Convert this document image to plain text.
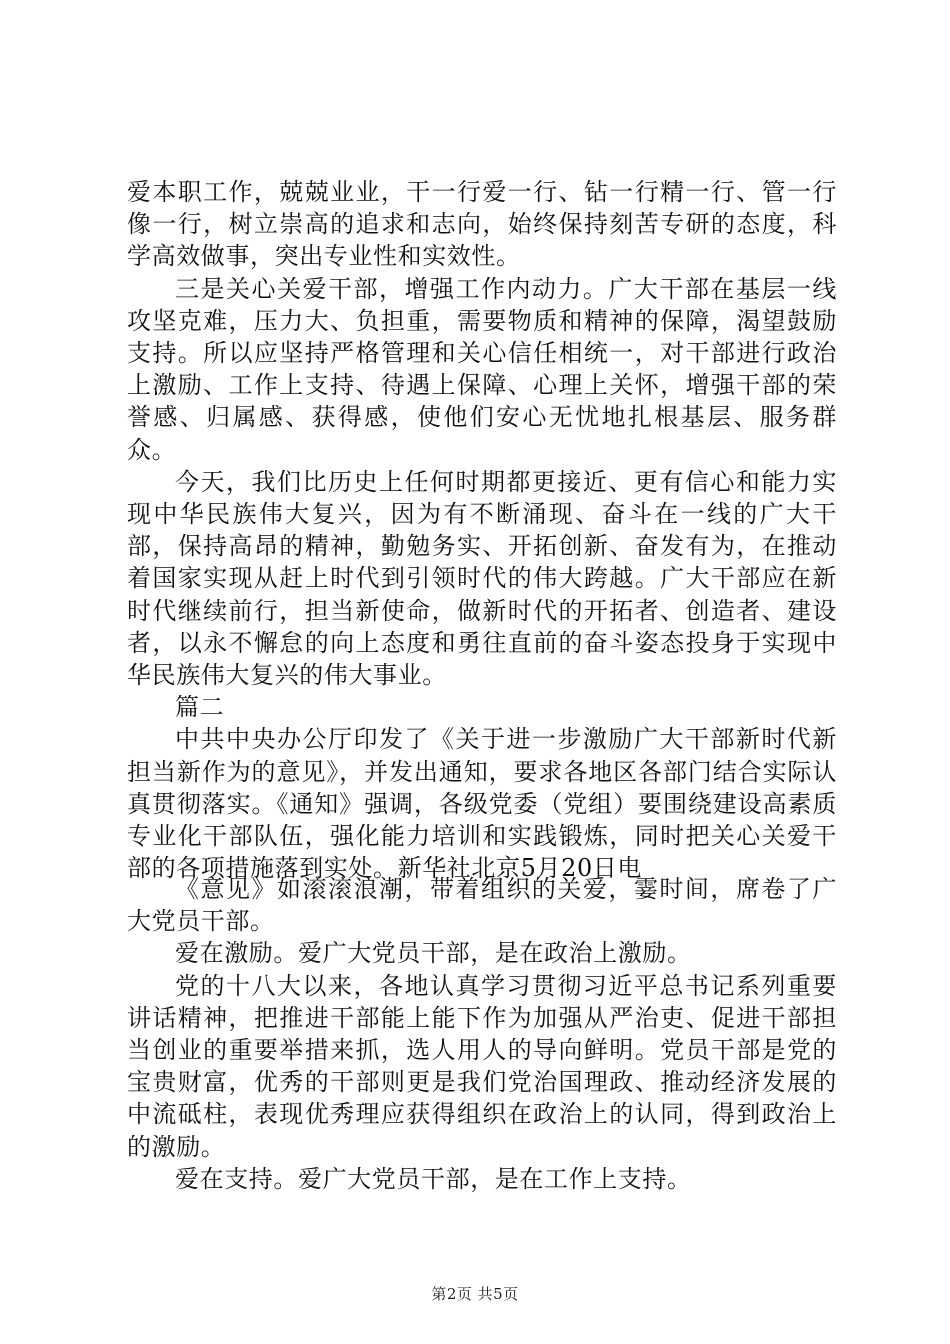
爱本职工作，兢兢业业，干一行爱一行、钻一行精一行、管一行像一行，树立崇高的追求和志向，始终保持刻苦专研的态度，科学高效做事，突出专业性和实效性。

三是关心关爱干部，增强工作内动力。广大干部在基层一线攻坚克难，压力大、负担重，需要物质和精神的保障，渴望鼓励支持。所以应坚持严格管理和关心信任相统一，对干部进行政治上激励、工作上支持、待遇上保障、心理上关怀，增强干部的荣誉感、归属感、获得感，使他们安心无忧地扎根基层、服务群众。

今天，我们比历史上任何时期都更接近、更有信心和能力实现中华民族伟大复兴，因为有不断涌现、奋斗在一线的广大干部，保持高昂的精神，勤勉务实、开拓创新、奋发有为，在推动着国家实现从赶上时代到引领时代的伟大跨越。广大干部应在新时代继续前行，担当新使命，做新时代的开拓者、创造者、建设者，以永不懈怠的向上态度和勇往直前的奋斗姿态投身于实现中华民族伟大复兴的伟大事业。

篇二

中共中央办公厅印发了《关于进一步激励广大干部新时代新担当新作为的意见》，并发出通知，要求各地区各部门结合实际认真贯彻落实。《通知》强调，各级党委（党组）要围绕建设高素质专业化干部队伍，强化能力培训和实践锻炼，同时把关心关爱干部的各项措施落到实处。新华社北京5月20日电

《意见》如滚滚浪潮，带着组织的关爱，霎时间，席卷了广大党员干部。

爱在激励。爱广大党员干部，是在政治上激励。

党的十八大以来，各地认真学习贯彻习近平总书记系列重要讲话精神，把推进干部能上能下作为加强从严治吏、促进干部担当创业的重要举措来抓，选人用人的导向鲜明。党员干部是党的宝贵财富，优秀的干部则更是我们党治国理政、推动经济发展的中流砥柱，表现优秀理应获得组织在政治上的认同，得到政治上的激励。

爱在支持。爱广大党员干部，是在工作上支持。

第2页 共5页
